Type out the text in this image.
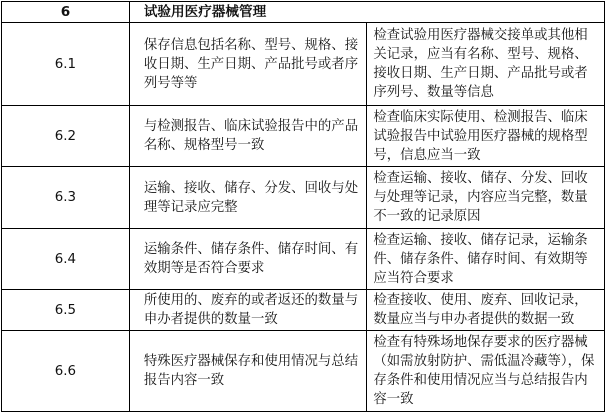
6	试验用医疗器械管理	
6.1	保存信息包括名称、型号、规格、接收日期、生产日期、产品批号或者序列号等等	检查试验用医疗器械交接单或其他相关记录，应当有名称、型号、规格、接收日期、生产日期、产品批号或者序列号、数量等信息
6.2	与检测报告、临床试验报告中的产品名称、规格型号一致	检查临床实际使用、检测报告、临床试验报告中试验用医疗器械的规格型号，信息应当一致
6.3	运输、接收、储存、分发、回收与处理等记录应完整	检查运输、接收、储存、分发、回收与处理等记录，内容应当完整，数量不一致的记录原因
6.4	运输条件、储存条件、储存时间、有效期等是否符合要求	检查运输、接收、储存记录，运输条件、储存条件、储存时间、有效期等应当符合要求
6.5	所使用的、废弃的或者返还的数量与申办者提供的数量一致	检查接收、使用、废弃、回收记录，数量应当与申办者提供的数据一致
6.6	特殊医疗器械保存和使用情况与总结报告内容一致	检查有特殊场地保存要求的医疗器械（如需放射防护、需低温冷藏等），保存条件和使用情况应当与总结报告内容一致
